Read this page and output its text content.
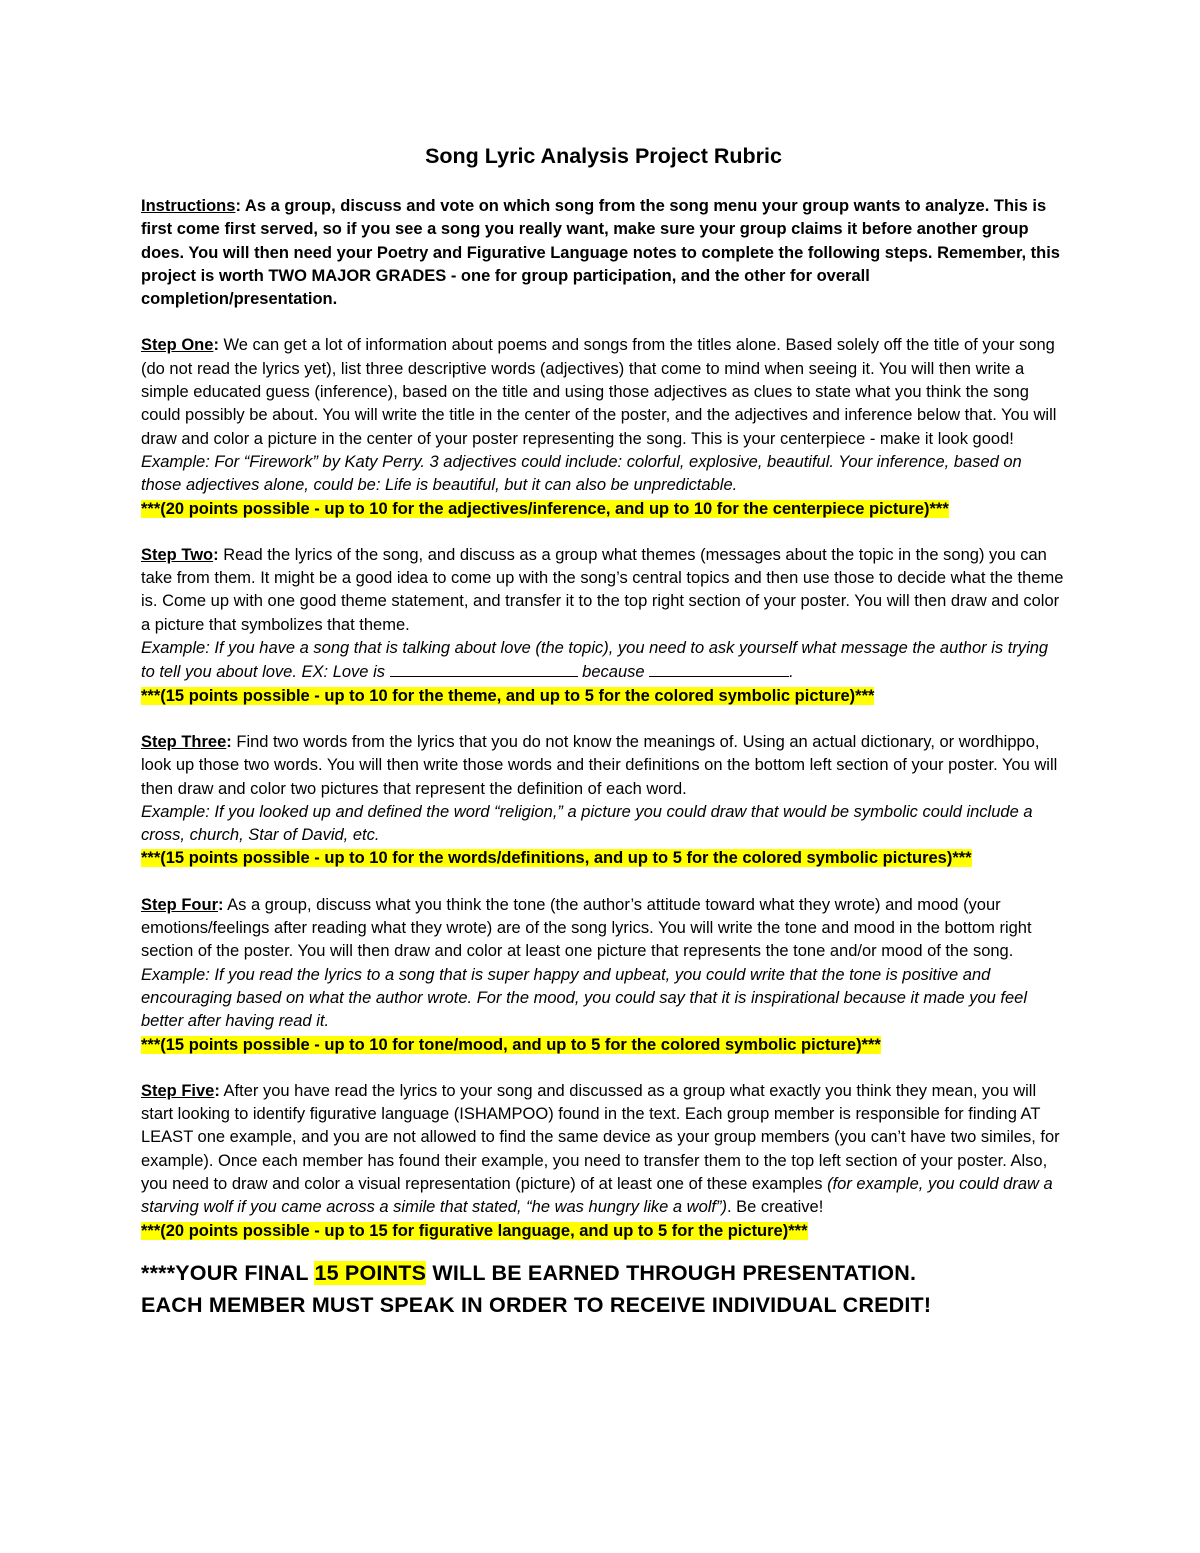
Song Lyric Analysis Project Rubric

Instructions: As a group, discuss and vote on which song from the song menu your group wants to analyze. This is first come first served, so if you see a song you really want, make sure your group claims it before another group does. You will then need your Poetry and Figurative Language notes to complete the following steps. Remember, this project is worth TWO MAJOR GRADES - one for group participation, and the other for overall completion/presentation.

Step One: We can get a lot of information about poems and songs from the titles alone. Based solely off the title of your song (do not read the lyrics yet), list three descriptive words (adjectives) that come to mind when seeing it. You will then write a simple educated guess (inference), based on the title and using those adjectives as clues to state what you think the song could possibly be about. You will write the title in the center of the poster, and the adjectives and inference below that. You will draw and color a picture in the center of your poster representing the song. This is your centerpiece - make it look good!

Example: For “Firework” by Katy Perry. 3 adjectives could include: colorful, explosive, beautiful. Your inference, based on those adjectives alone, could be: Life is beautiful, but it can also be unpredictable.

***(20 points possible - up to 10 for the adjectives/inference, and up to 10 for the centerpiece picture)***

Step Two: Read the lyrics of the song, and discuss as a group what themes (messages about the topic in the song) you can take from them. It might be a good idea to come up with the song’s central topics and then use those to decide what the theme is. Come up with one good theme statement, and transfer it to the top right section of your poster. You will then draw and color a picture that symbolizes that theme.

Example: If you have a song that is talking about love (the topic), you need to ask yourself what message the author is trying to tell you about love. EX: Love is	because	.

***(15 points possible - up to 10 for the theme, and up to 5 for the colored symbolic picture)***

Step Three: Find two words from the lyrics that you do not know the meanings of. Using an actual dictionary, or wordhippo, look up those two words. You will then write those words and their definitions on the bottom left section of your poster. You will then draw and color two pictures that represent the definition of each word.

Example: If you looked up and defined the word “religion,” a picture you could draw that would be symbolic could include a cross, church, Star of David, etc.

***(15 points possible - up to 10 for the words/definitions, and up to 5 for the colored symbolic pictures)***

Step Four: As a group, discuss what you think the tone (the author’s attitude toward what they wrote) and mood (your emotions/feelings after reading what they wrote) are of the song lyrics. You will write the tone and mood in the bottom right section of the poster. You will then draw and color at least one picture that represents the tone and/or mood of the song.

Example: If you read the lyrics to a song that is super happy and upbeat, you could write that the tone is positive and encouraging based on what the author wrote. For the mood, you could say that it is inspirational because it made you feel better after having read it.

***(15 points possible - up to 10 for tone/mood, and up to 5 for the colored symbolic picture)***

Step Five: After you have read the lyrics to your song and discussed as a group what exactly you think they mean, you will start looking to identify figurative language (ISHAMPOO) found in the text. Each group member is responsible for finding AT LEAST one example, and you are not allowed to find the same device as your group members (you can’t have two similes, for example). Once each member has found their example, you need to transfer them to the top left section of your poster. Also, you need to draw and color a visual representation (picture) of at least one of these examples (for example, you could draw a starving wolf if you came across a simile that stated, “he was hungry like a wolf”). Be creative!

***(20 points possible - up to 15 for figurative language, and up to 5 for the picture)***

****YOUR FINAL 15 POINTS WILL BE EARNED THROUGH PRESENTATION.
EACH MEMBER MUST SPEAK IN ORDER TO RECEIVE INDIVIDUAL CREDIT!
